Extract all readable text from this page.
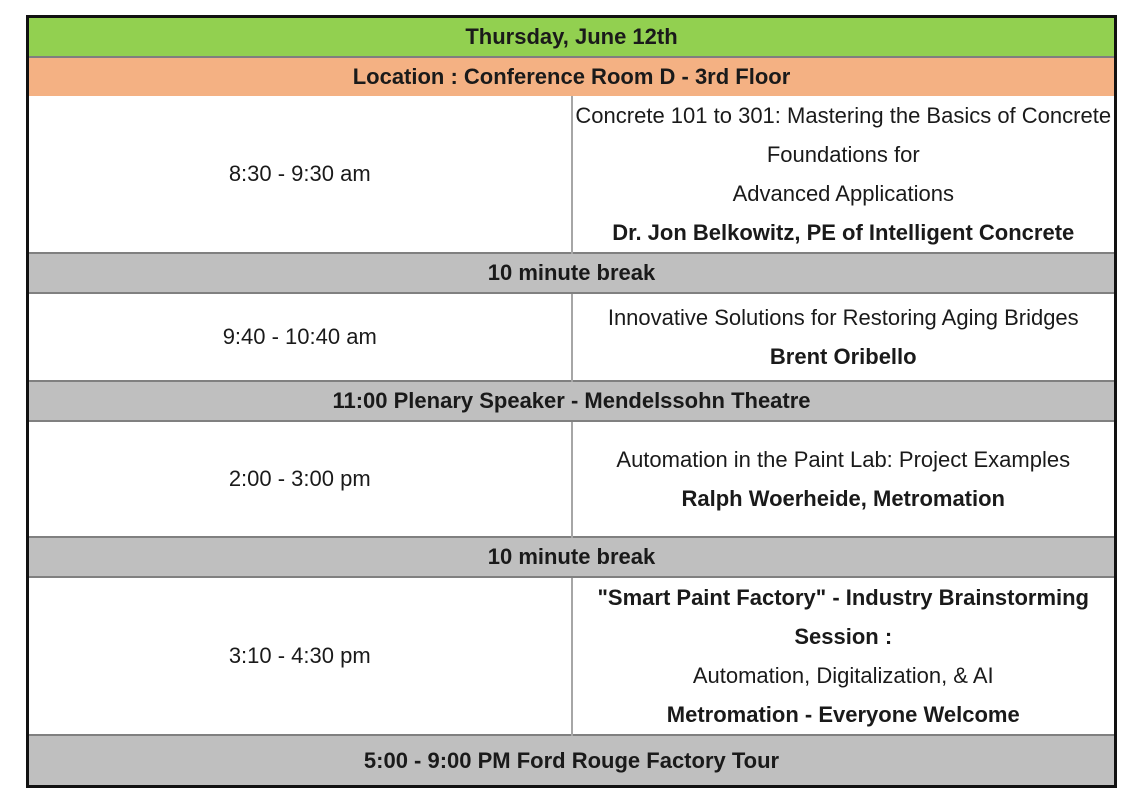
Thursday, June 12th	
Location : Conference Room D - 3rd Floor	
8:30 - 9:30 am	Concrete 101 to 301: Mastering the Basics of Concrete Foundations for
Advanced Applications
Dr. Jon Belkowitz, PE of Intelligent Concrete

10 minute break	
9:40 - 10:40 am	Innovative Solutions for Restoring Aging Bridges
Brent Oribello

11:00 Plenary Speaker - Mendelssohn Theatre	
2:00 - 3:00 pm	Automation in the Paint Lab: Project Examples
Ralph Woerheide, Metromation

10 minute break	
3:10 - 4:30 pm	"Smart Paint Factory" - Industry Brainstorming Session :
Automation, Digitalization, & AI
Metromation - Everyone Welcome

5:00 - 9:00 PM Ford Rouge Factory Tour	
